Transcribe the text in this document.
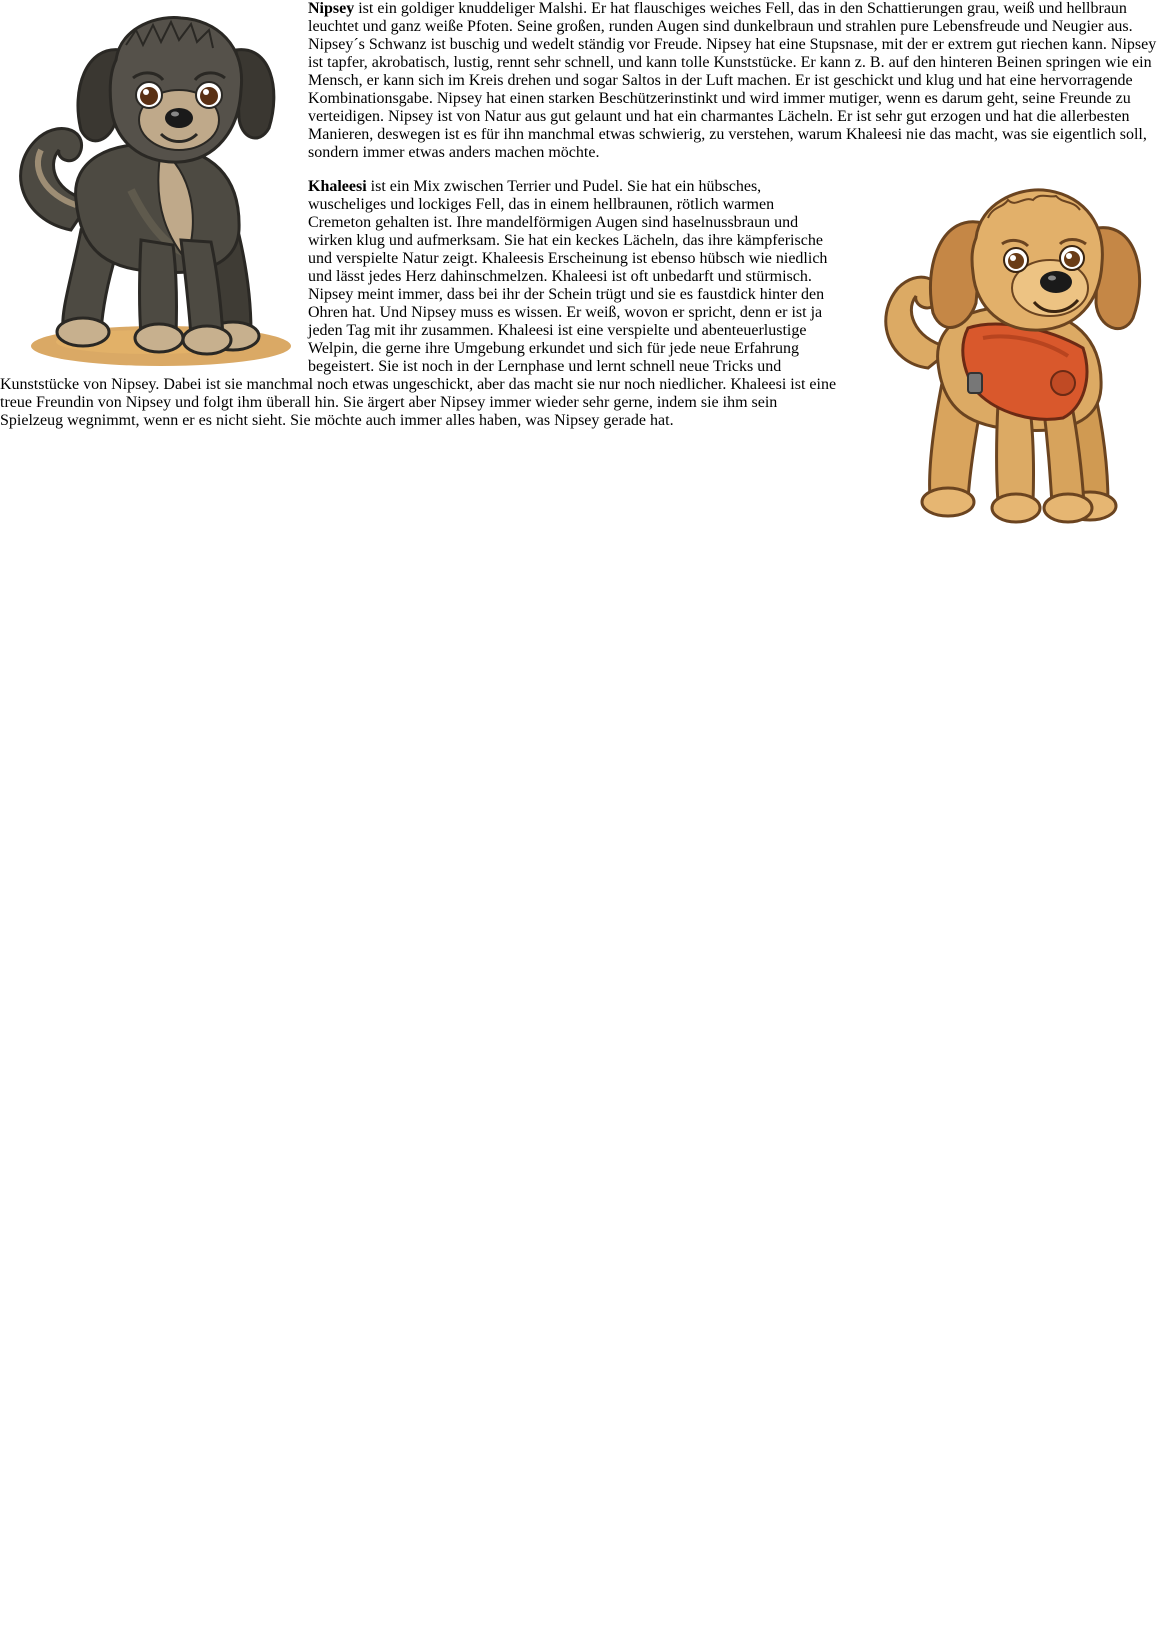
Nipsey ist ein goldiger knuddeliger Malshi. Er hat flauschiges weiches Fell, das in den Schattierungen grau, weiß und hellbraun leuchtet und ganz weiße Pfoten. Seine großen, runden Augen sind dunkelbraun und strahlen pure Lebensfreude und Neugier aus. Nipsey´s Schwanz ist buschig und wedelt ständig vor Freude. Nipsey hat eine Stupsnase, mit der er extrem gut riechen kann. Nipsey ist tapfer, akrobatisch, lustig, rennt sehr schnell, und kann tolle Kunststücke. Er kann z. B. auf den hinteren Beinen springen wie ein Mensch, er kann sich im Kreis drehen und sogar Saltos in der Luft machen. Er ist geschickt und klug und hat eine hervorragende Kombinationsgabe. Nipsey hat einen starken Beschützerinstinkt und wird immer mutiger, wenn es darum geht, seine Freunde zu verteidigen. Nipsey ist von Natur aus gut gelaunt und hat ein charmantes Lächeln. Er ist sehr gut erzogen und hat die allerbesten Manieren, deswegen ist es für ihn manchmal etwas schwierig, zu verstehen, warum Khaleesi nie das macht, was sie eigentlich soll, sondern immer etwas anders machen möchte.

Khaleesi ist ein Mix zwischen Terrier und Pudel. Sie hat ein hübsches, wuscheliges und lockiges Fell, das in einem hellbraunen, rötlich warmen Cremeton gehalten ist. Ihre mandelförmigen Augen sind haselnussbraun und wirken klug und aufmerksam. Sie hat ein keckes Lächeln, das ihre kämpferische und verspielte Natur zeigt. Khaleesis Erscheinung ist ebenso hübsch wie niedlich und lässt jedes Herz dahinschmelzen. Khaleesi ist oft unbedarft und stürmisch. Nipsey meint immer, dass bei ihr der Schein trügt und sie es faustdick hinter den Ohren hat. Und Nipsey muss es wissen. Er weiß, wovon er spricht, denn er ist ja jeden Tag mit ihr zusammen. Khaleesi ist eine verspielte und abenteuerlustige Welpin, die gerne ihre Umgebung erkundet und sich für jede neue Erfahrung begeistert. Sie ist noch in der Lernphase und lernt schnell neue Tricks und Kunststücke von Nipsey. Dabei ist sie manchmal noch etwas ungeschickt, aber das macht sie nur noch niedlicher. Khaleesi ist eine treue Freundin von Nipsey und folgt ihm überall hin. Sie ärgert aber Nipsey immer wieder sehr gerne, indem sie ihm sein Spielzeug wegnimmt, wenn er es nicht sieht. Sie möchte auch immer alles haben, was Nipsey gerade hat.
